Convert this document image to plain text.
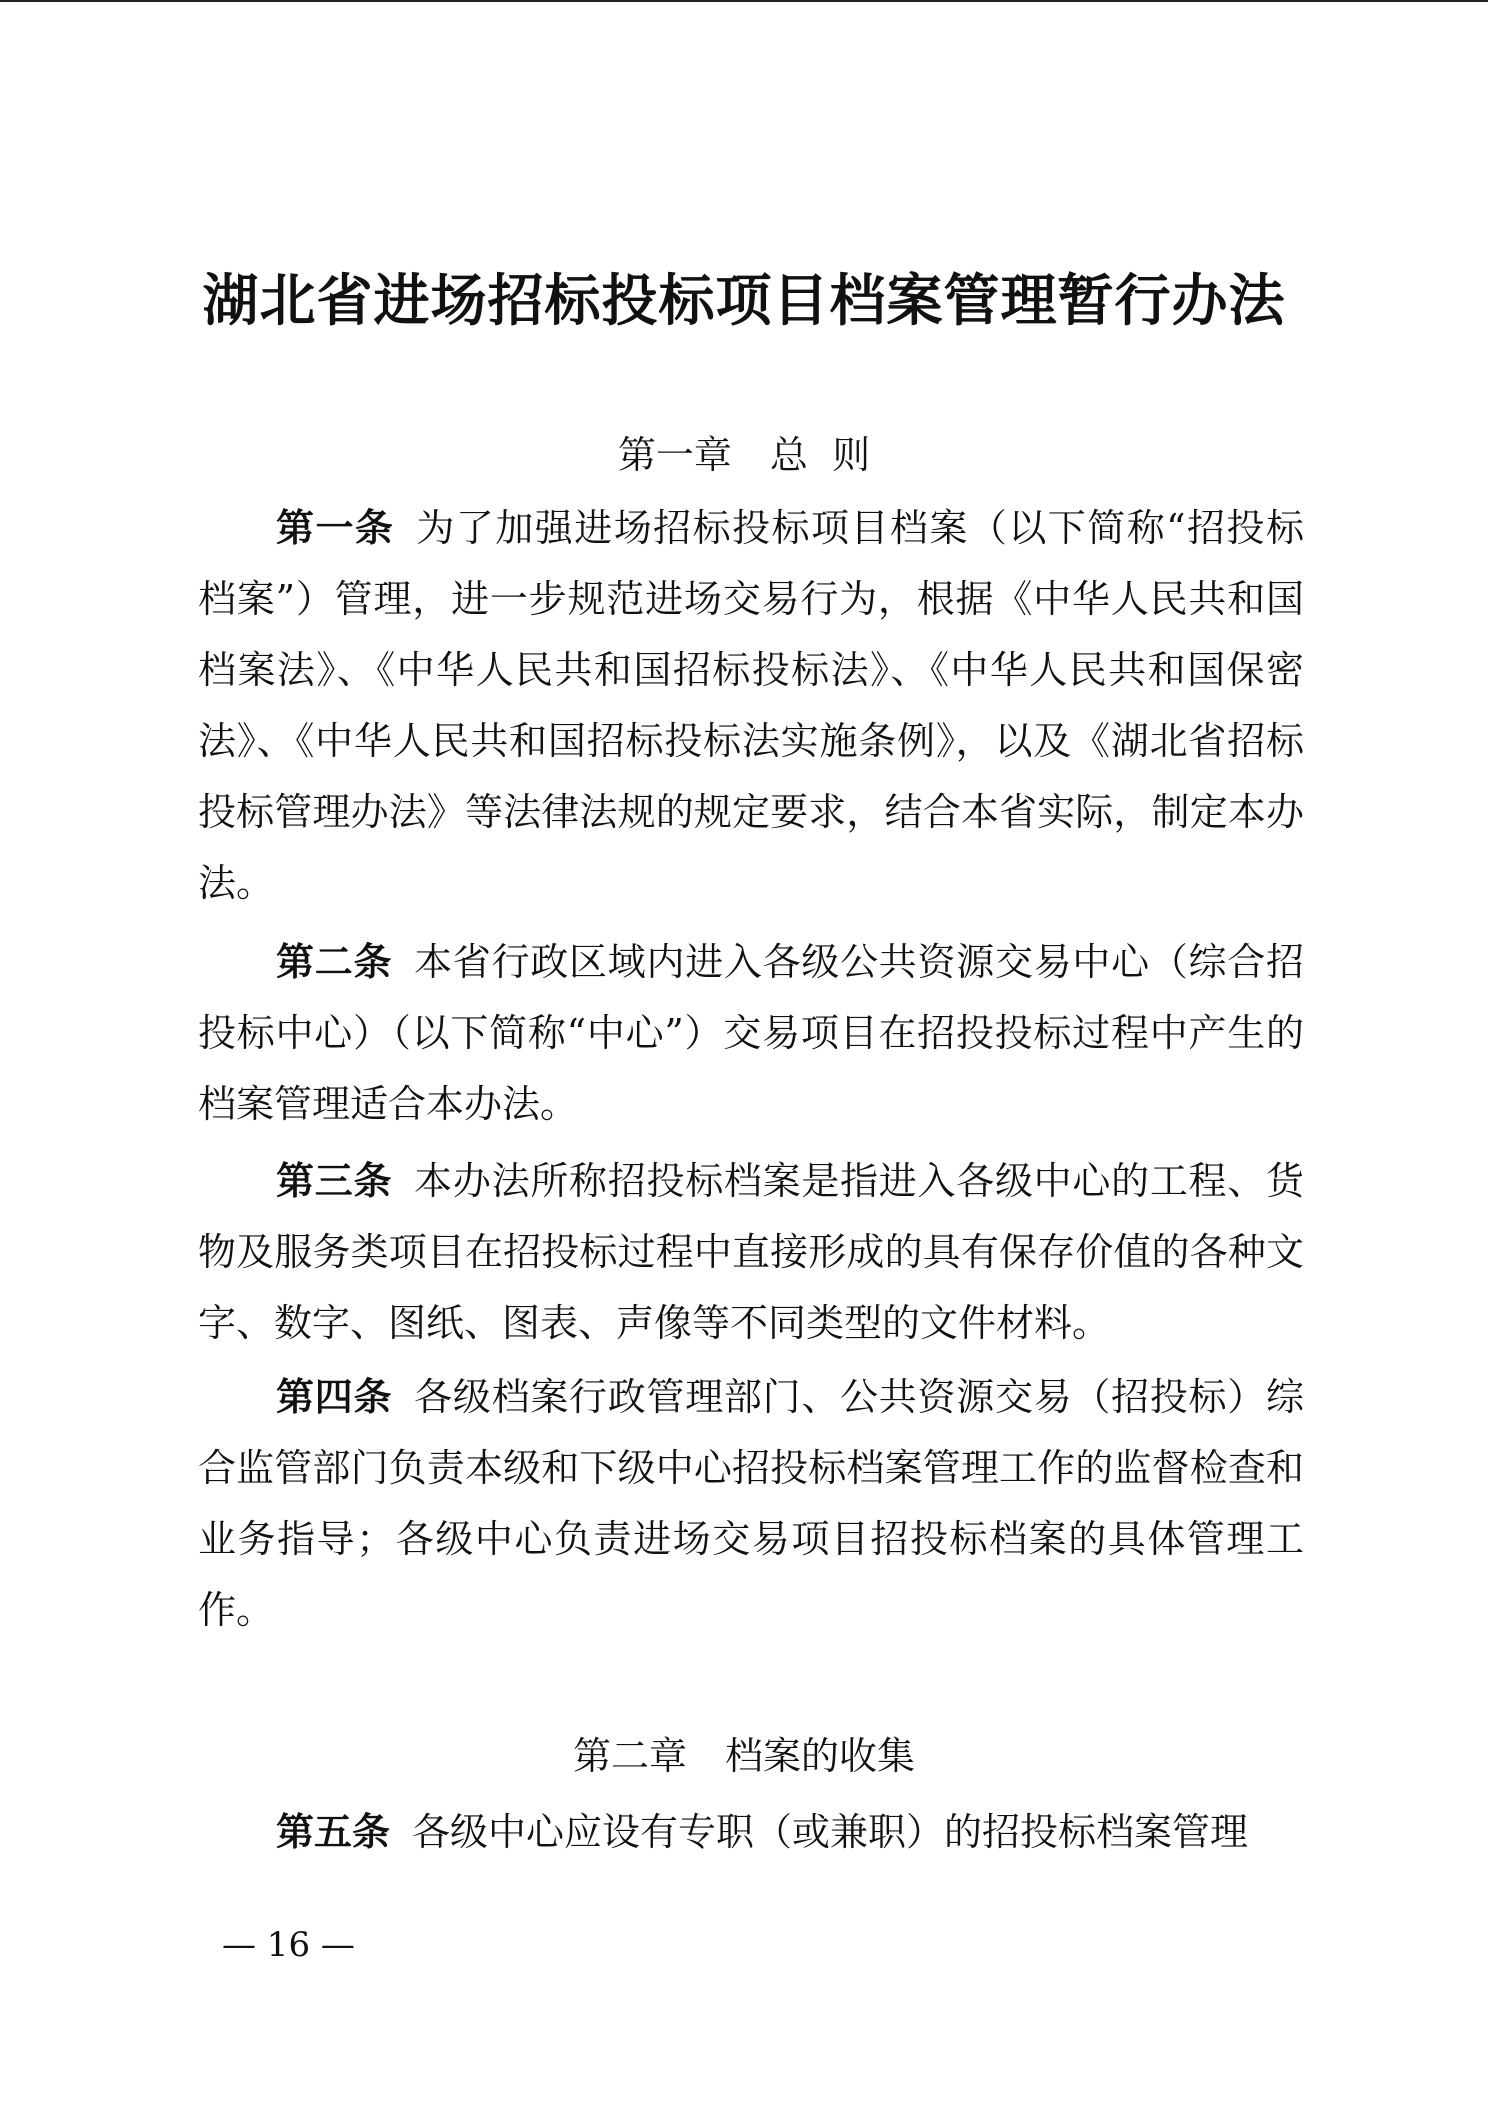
湖北省进场招标投标项目档案管理暂行办法

第一章　总  则

第一条 为了加强进场招标投标项目档案（以下简称“招投标档案”）管理，进一步规范进场交易行为，根据《中华人民共和国档案法》、《中华人民共和国招标投标法》、《中华人民共和国保密法》、《中华人民共和国招标投标法实施条例》，以及《湖北省招标投标管理办法》等法律法规的规定要求，结合本省实际，制定本办法。

第二条 本省行政区域内进入各级公共资源交易中心（综合招投标中心）（以下简称“中心”）交易项目在招投投标过程中产生的档案管理适合本办法。

第三条 本办法所称招投标档案是指进入各级中心的工程、货物及服务类项目在招投标过程中直接形成的具有保存价值的各种文字、数字、图纸、图表、声像等不同类型的文件材料。

第四条 各级档案行政管理部门、公共资源交易（招投标）综合监管部门负责本级和下级中心招投标档案管理工作的监督检查和业务指导；各级中心负责进场交易项目招投标档案的具体管理工作。

第二章　档案的收集

第五条 各级中心应设有专职（或兼职）的招投标档案管理

— 16 —
